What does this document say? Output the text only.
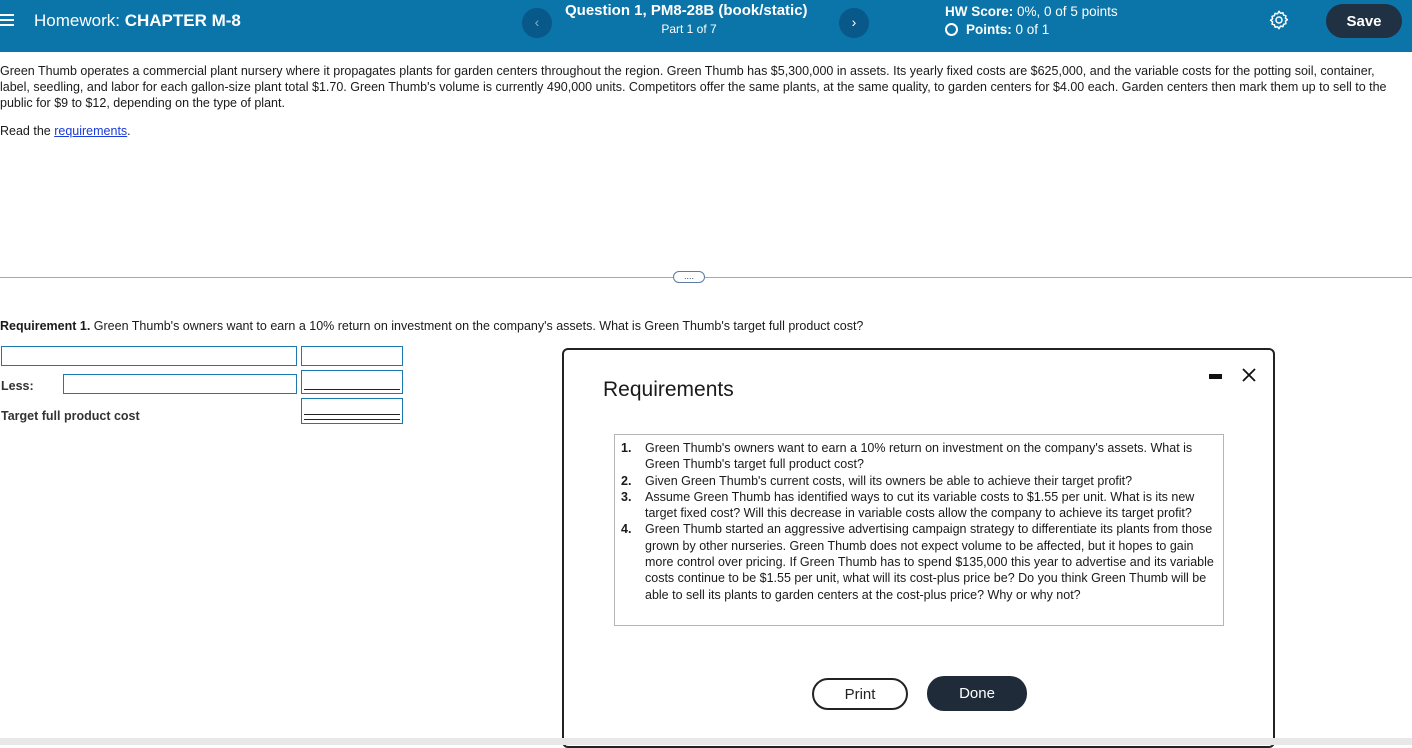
Homework: CHAPTER M-8	‹
Question 1, PM8-28B (book/static)
Part 1 of 7	›
HW Score: 0%, 0 of 5 points
Points: 0 of 1	Save
Green Thumb operates a commercial plant nursery where it propagates plants for garden centers throughout the region. Green Thumb has $5,300,000 in assets. Its yearly fixed costs are $625,000, and the variable costs for the potting soil, container, label, seedling, and labor for each gallon-size plant total $1.70. Green Thumb's volume is currently 490,000 units. Competitors offer the same plants, at the same quality, to garden centers for $4.00 each. Garden centers then mark them up to sell to the public for $9 to $12, depending on the type of plant.
Read the requirements.
....
Requirement 1. Green Thumb's owners want to earn a 10% return on investment on the company's assets. What is Green Thumb's target full product cost?
Less:
Target full product cost
Requirements
1.	Green Thumb's owners want to earn a 10% return on investment on the company's assets. What is Green Thumb's target full product cost?
2.	Given Green Thumb's current costs, will its owners be able to achieve their target profit?
3.	Assume Green Thumb has identified ways to cut its variable costs to $1.55 per unit. What is its new target fixed cost? Will this decrease in variable costs allow the company to achieve its target profit?
4.	Green Thumb started an aggressive advertising campaign strategy to differentiate its plants from those grown by other nurseries. Green Thumb does not expect volume to be affected, but it hopes to gain more control over pricing. If Green Thumb has to spend $135,000 this year to advertise and its variable costs continue to be $1.55 per unit, what will its cost-plus price be? Do you think Green Thumb will be able to sell its plants to garden centers at the cost-plus price? Why or why not?
Print	Done
